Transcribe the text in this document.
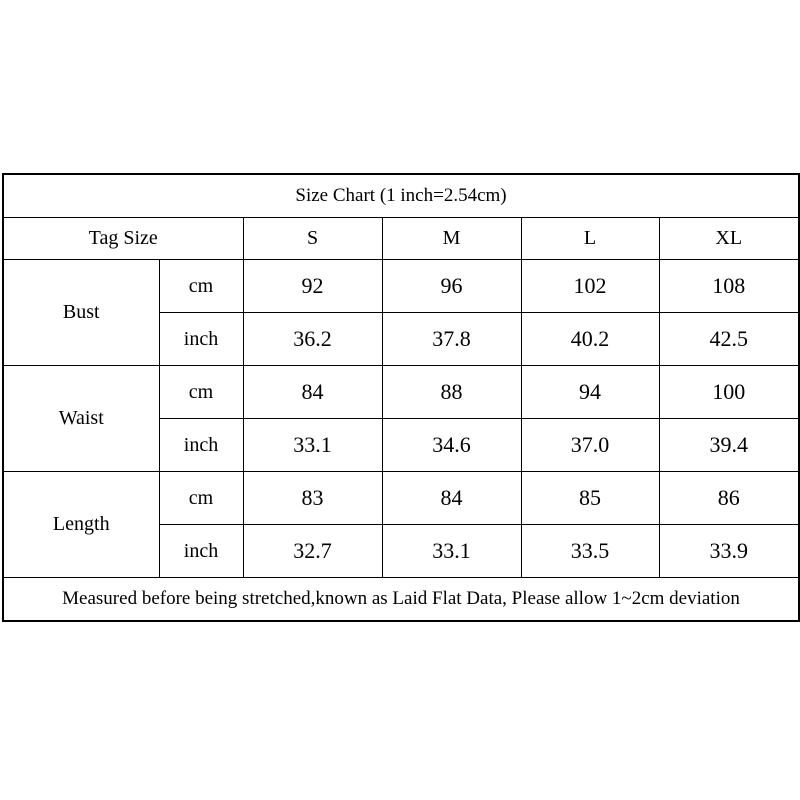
Size Chart (1 inch=2.54cm)					
Tag Size		S	M	L	XL
Bust	cm	92	96	102	108
	inch	36.2	37.8	40.2	42.5
Waist	cm	84	88	94	100
	inch	33.1	34.6	37.0	39.4
Length	cm	83	84	85	86
	inch	32.7	33.1	33.5	33.9
Measured before being stretched,known as Laid Flat Data, Please allow 1~2cm deviation					
